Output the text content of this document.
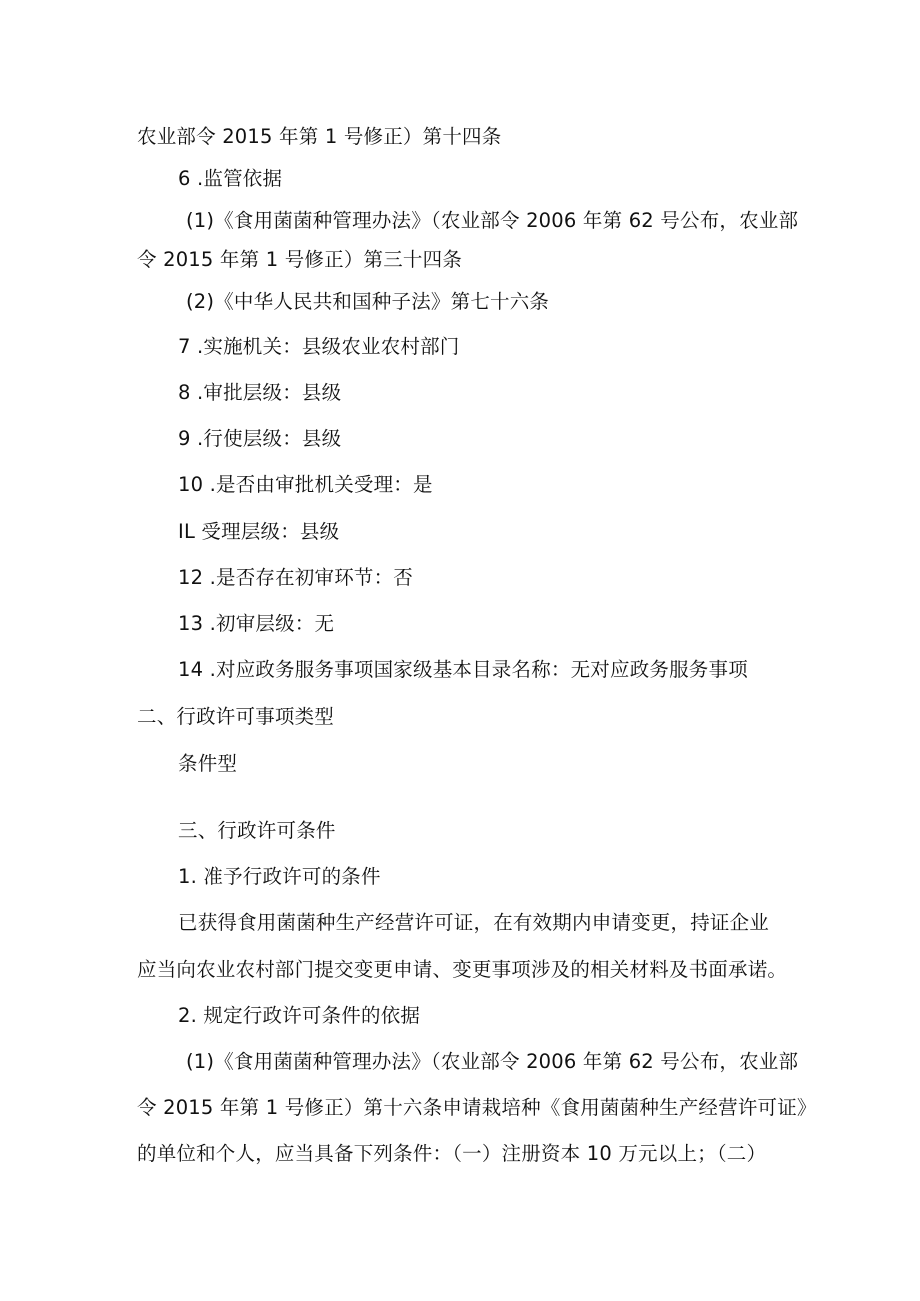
农业部令 2015 年第 1 号修正）第十四条
6 .监管依据
(1)《食用菌菌种管理办法》（农业部令 2006 年第 62 号公布，农业部
令 2015 年第 1 号修正）第三十四条
(2)《中华人民共和国种子法》第七十六条
7 .实施机关：县级农业农村部门
8 .审批层级：县级
9 .行使层级：县级
10 .是否由审批机关受理：是
IL 受理层级：县级
12 .是否存在初审环节：否
13 .初审层级：无
14 .对应政务服务事项国家级基本目录名称：无对应政务服务事项
二、行政许可事项类型
条件型
三、行政许可条件
1. 准予行政许可的条件
已获得食用菌菌种生产经营许可证，在有效期内申请变更，持证企业
应当向农业农村部门提交变更申请、变更事项涉及的相关材料及书面承诺。
2. 规定行政许可条件的依据
(1)《食用菌菌种管理办法》（农业部令 2006 年第 62 号公布，农业部
令 2015 年第 1 号修正）第十六条申请栽培种《食用菌菌种生产经营许可证》
的单位和个人，应当具备下列条件：（一）注册资本 10 万元以上；（二）
